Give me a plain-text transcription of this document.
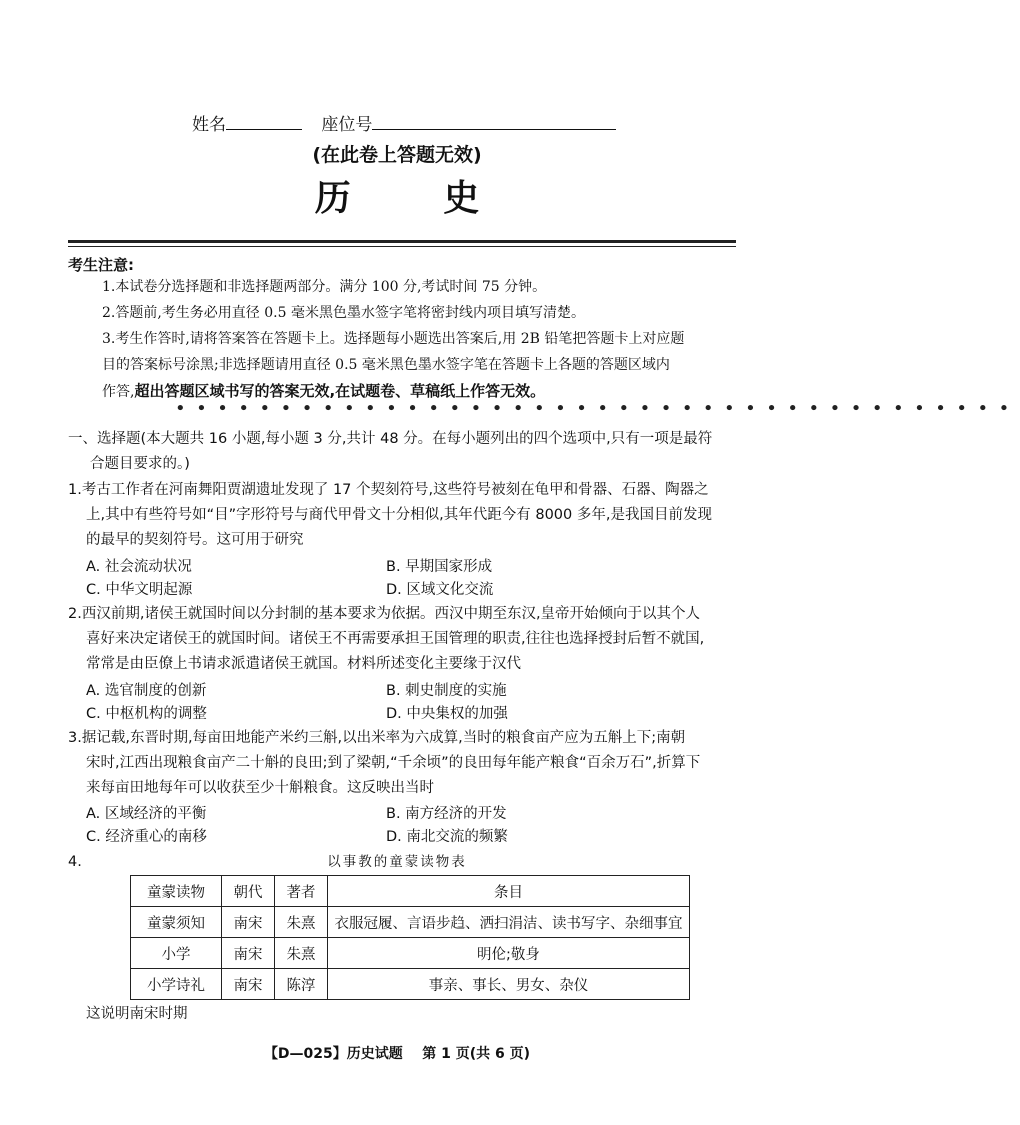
姓名	座位号
(在此卷上答题无效)
历 史
考生注意:
1.本试卷分选择题和非选择题两部分。满分 100 分,考试时间 75 分钟。
2.答题前,考生务必用直径 0.5 毫米黑色墨水签字笔将密封线内项目填写清楚。
3.考生作答时,请将答案答在答题卡上。选择题每小题选出答案后,用 2B 铅笔把答题卡上对应题
目的答案标号涂黑;非选择题请用直径 0.5 毫米黑色墨水签字笔在答题卡上各题的答题区域内
作答,超出答题区域书写的答案无效,在试题卷、草稿纸上作答无效。
••••••••••••••••••••••••••••••••••••••••
一、选择题(本大题共 16 小题,每小题 3 分,共计 48 分。在每小题列出的四个选项中,只有一项是最符
合题目要求的。)
1.考古工作者在河南舞阳贾湖遗址发现了 17 个契刻符号,这些符号被刻在龟甲和骨器、石器、陶器之
上,其中有些符号如“目”字形符号与商代甲骨文十分相似,其年代距今有 8000 多年,是我国目前发现
的最早的契刻符号。这可用于研究
A. 社会流动状况	B. 早期国家形成
C. 中华文明起源	D. 区域文化交流
2.西汉前期,诸侯王就国时间以分封制的基本要求为依据。西汉中期至东汉,皇帝开始倾向于以其个人
喜好来决定诸侯王的就国时间。诸侯王不再需要承担王国管理的职责,往往也选择授封后暂不就国,
常常是由臣僚上书请求派遣诸侯王就国。材料所述变化主要缘于汉代
A. 选官制度的创新	B. 刺史制度的实施
C. 中枢机构的调整	D. 中央集权的加强
3.据记载,东晋时期,每亩田地能产米约三斛,以出米率为六成算,当时的粮食亩产应为五斛上下;南朝
宋时,江西出现粮食亩产二十斛的良田;到了梁朝,“千余顷”的良田每年能产粮食“百余万石”,折算下
来每亩田地每年可以收获至少十斛粮食。这反映出当时
A. 区域经济的平衡	B. 南方经济的开发
C. 经济重心的南移	D. 南北交流的频繁
4.	以事教的童蒙读物表
童蒙读物	朝代	著者	条目
童蒙须知	南宋	朱熹	衣服冠履、言语步趋、洒扫涓洁、读书写字、杂细事宜
小学	南宋	朱熹	明伦;敬身
小学诗礼	南宋	陈淳	事亲、事长、男女、杂仪
这说明南宋时期
【D—025】历史试题    第 1 页(共 6 页)
